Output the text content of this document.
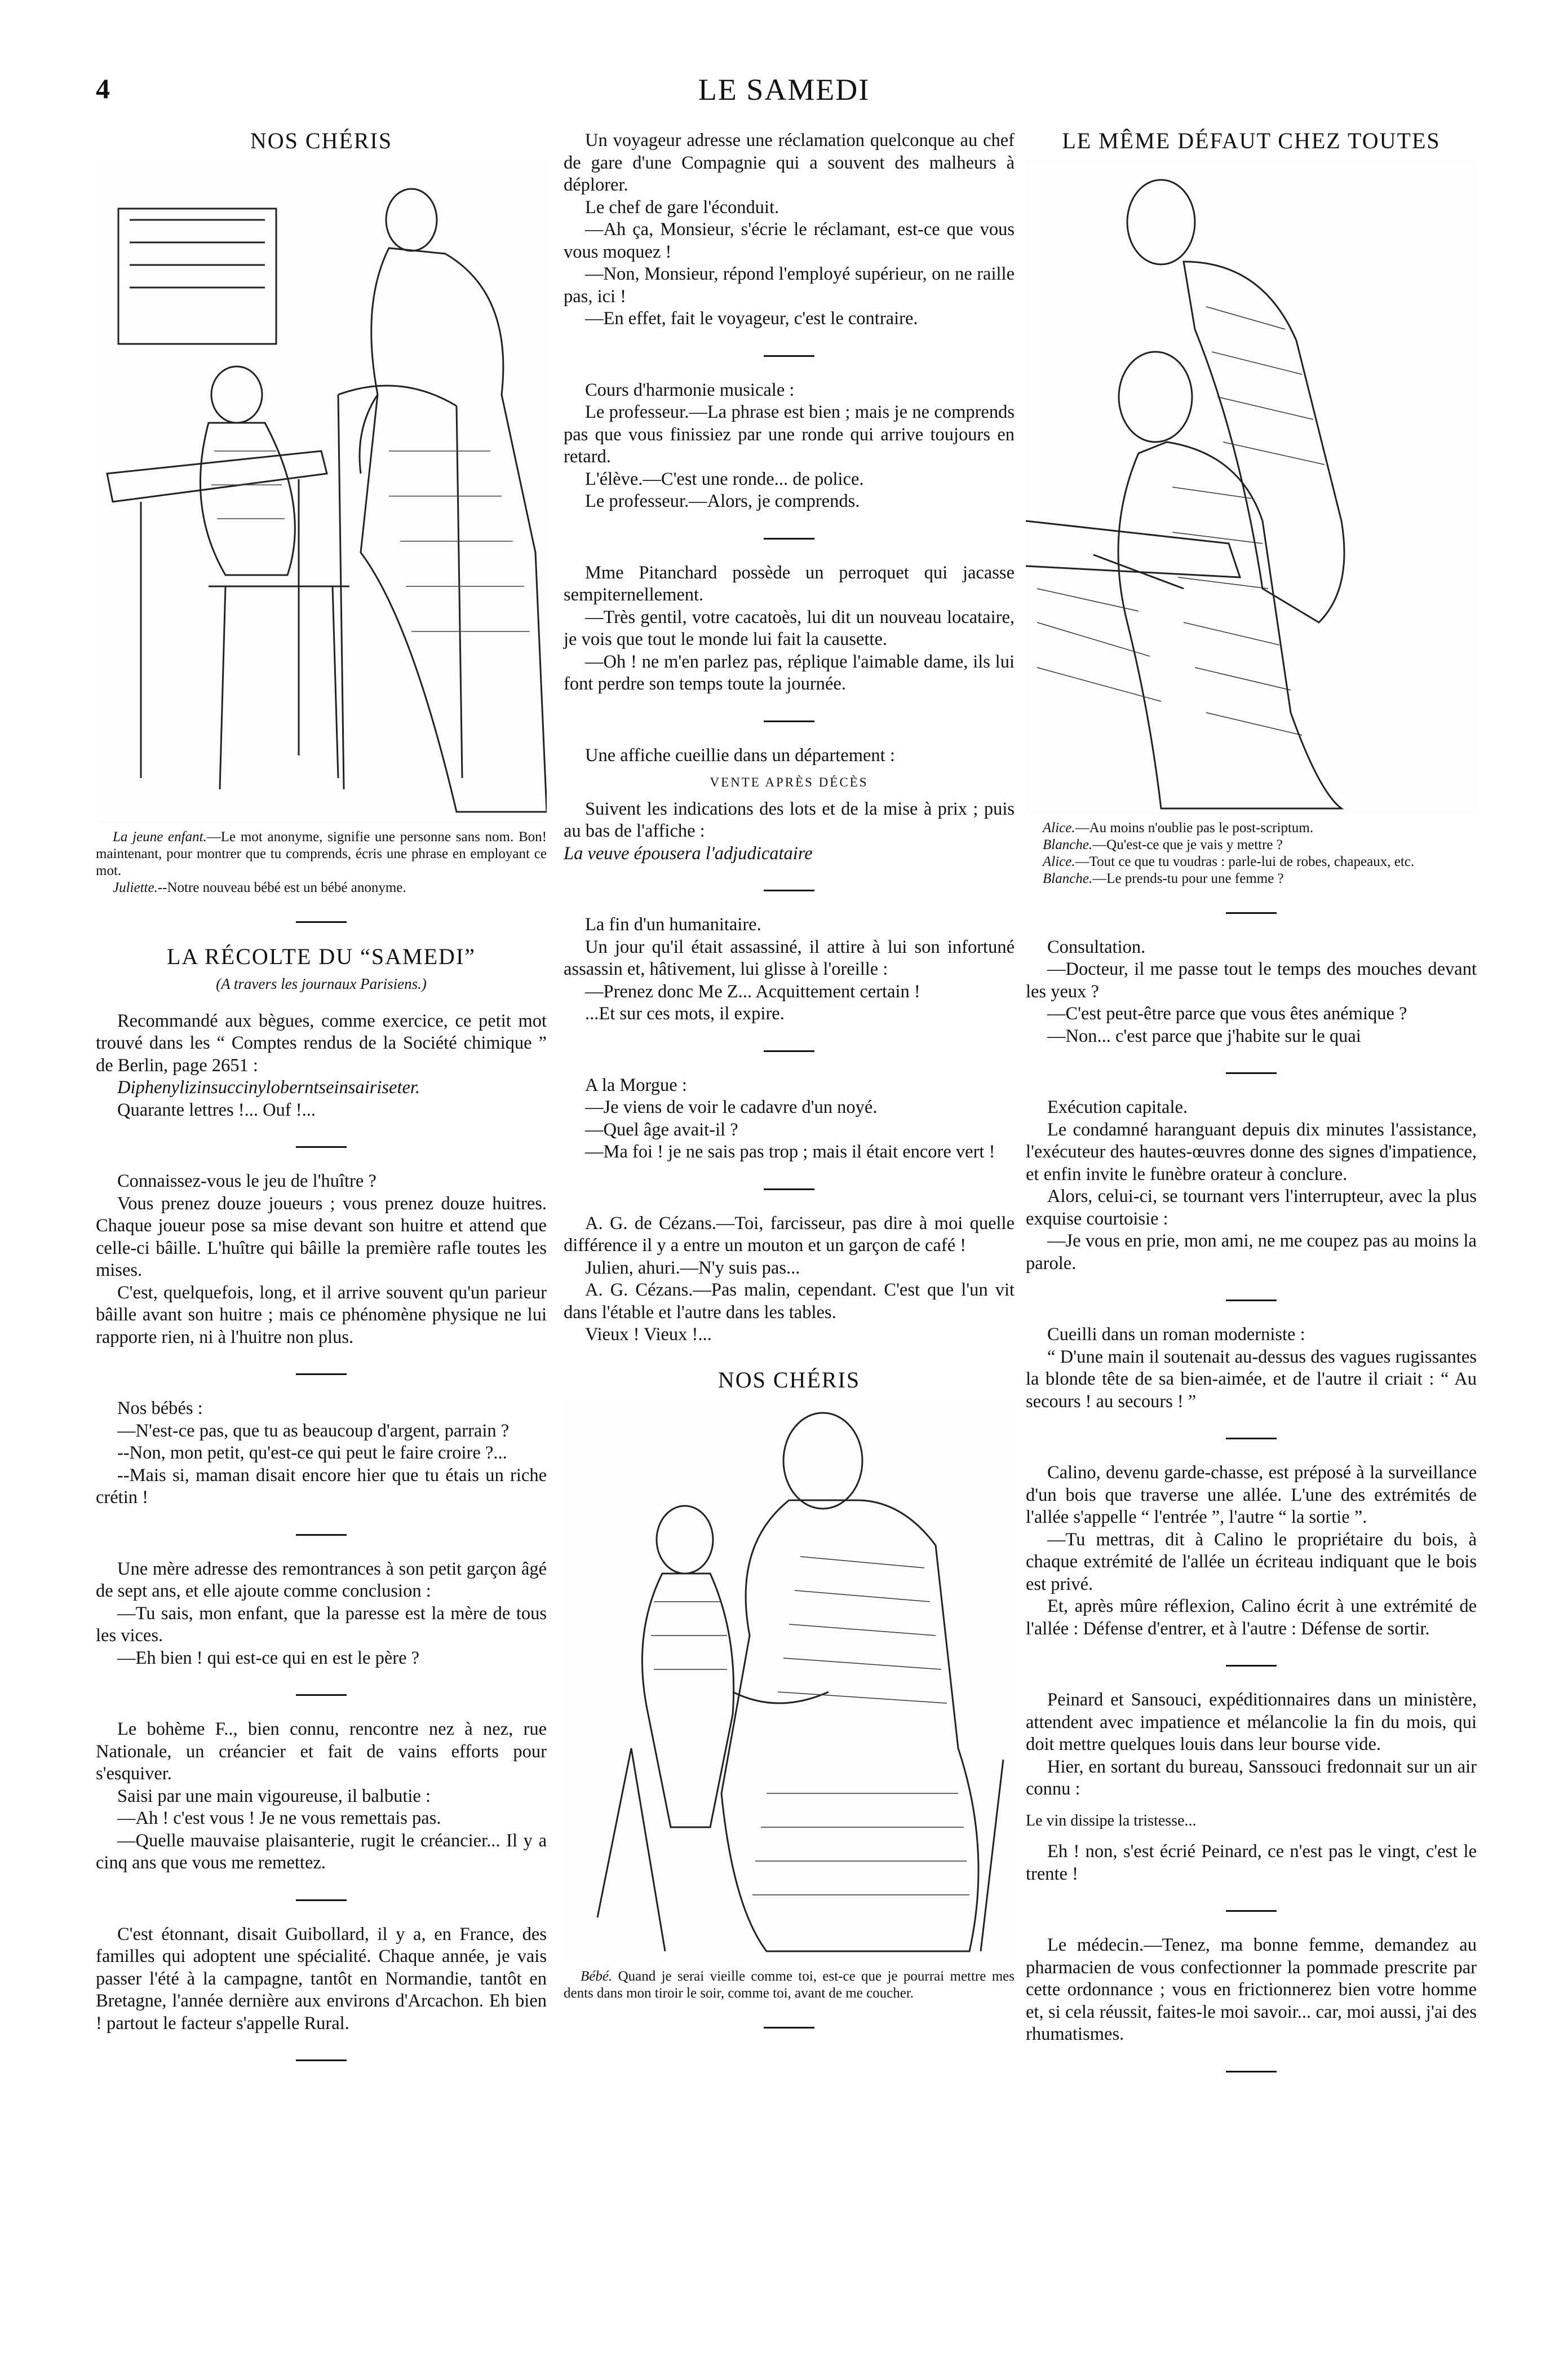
4	LE SAMEDI
NOS CHÉRIS

La jeune enfant.—Le mot anonyme, signifie une personne sans nom. Bon! maintenant, pour montrer que tu comprends, écris une phrase en employant ce mot.

Juliette.--Notre nouveau bébé est un bébé anonyme.

LA RÉCOLTE DU “SAMEDI”
(A travers les journaux Parisiens.)

Recommandé aux bègues, comme exercice, ce petit mot trouvé dans les “ Comptes rendus de la Société chimique ” de Berlin, page 2651 :

Diphenylizinsuccinyloberntseinsairiseter.

Quarante lettres !... Ouf !...

Connaissez-vous le jeu de l'huître ?

Vous prenez douze joueurs ; vous prenez douze huitres. Chaque joueur pose sa mise devant son huitre et attend que celle-ci bâille. L'huître qui bâille la première rafle toutes les mises.

C'est, quelquefois, long, et il arrive souvent qu'un parieur bâille avant son huitre ; mais ce phénomène physique ne lui rapporte rien, ni à l'huitre non plus.

Nos bébés :

—N'est-ce pas, que tu as beaucoup d'argent, parrain ?

--Non, mon petit, qu'est-ce qui peut le faire croire ?...

--Mais si, maman disait encore hier que tu étais un riche crétin !

Une mère adresse des remontrances à son petit garçon âgé de sept ans, et elle ajoute comme conclusion :

—Tu sais, mon enfant, que la paresse est la mère de tous les vices.

—Eh bien ! qui est-ce qui en est le père ?

Le bohème F.., bien connu, rencontre nez à nez, rue Nationale, un créancier et fait de vains efforts pour s'esquiver.

Saisi par une main vigoureuse, il balbutie :

—Ah ! c'est vous ! Je ne vous remettais pas.

—Quelle mauvaise plaisanterie, rugit le créancier... Il y a cinq ans que vous me remettez.

C'est étonnant, disait Guibollard, il y a, en France, des familles qui adoptent une spécialité. Chaque année, je vais passer l'été à la campagne, tantôt en Normandie, tantôt en Bretagne, l'année dernière aux environs d'Arcachon. Eh bien ! partout le facteur s'appelle Rural.

Un voyageur adresse une réclamation quelconque au chef de gare d'une Compagnie qui a souvent des malheurs à déplorer.

Le chef de gare l'éconduit.

—Ah ça, Monsieur, s'écrie le réclamant, est-ce que vous vous moquez !

—Non, Monsieur, répond l'employé supérieur, on ne raille pas, ici !

—En effet, fait le voyageur, c'est le contraire.

Cours d'harmonie musicale :

Le professeur.—La phrase est bien ; mais je ne comprends pas que vous finissiez par une ronde qui arrive toujours en retard.

L'élève.—C'est une ronde... de police.

Le professeur.—Alors, je comprends.

Mme Pitanchard possède un perroquet qui jacasse sempiternellement.

—Très gentil, votre cacatoès, lui dit un nouveau locataire, je vois que tout le monde lui fait la causette.

—Oh ! ne m'en parlez pas, réplique l'aimable dame, ils lui font perdre son temps toute la journée.

Une affiche cueillie dans un département :

VENTE APRÈS DÉCÈS

Suivent les indications des lots et de la mise à prix ; puis au bas de l'affiche :

La veuve épousera l'adjudicataire

La fin d'un humanitaire.

Un jour qu'il était assassiné, il attire à lui son infortuné assassin et, hâtivement, lui glisse à l'oreille :

—Prenez donc Me Z... Acquittement certain !

...Et sur ces mots, il expire.

A la Morgue :

—Je viens de voir le cadavre d'un noyé.

—Quel âge avait-il ?

—Ma foi ! je ne sais pas trop ; mais il était encore vert !

A. G. de Cézans.—Toi, farcisseur, pas dire à moi quelle différence il y a entre un mouton et un garçon de café !

Julien, ahuri.—N'y suis pas...

A. G. Cézans.—Pas malin, cependant. C'est que l'un vit dans l'étable et l'autre dans les tables.

Vieux ! Vieux !...

NOS CHÉRIS

Bébé. Quand je serai vieille comme toi, est-ce que je pourrai mettre mes dents dans mon tiroir le soir, comme toi, avant de me coucher.

LE MÊME DÉFAUT CHEZ TOUTES

Alice.—Au moins n'oublie pas le post-scriptum.

Blanche.—Qu'est-ce que je vais y mettre ?

Alice.—Tout ce que tu voudras : parle-lui de robes, chapeaux, etc.

Blanche.—Le prends-tu pour une femme ?

Consultation.

—Docteur, il me passe tout le temps des mouches devant les yeux ?

—C'est peut-être parce que vous êtes anémique ?

—Non... c'est parce que j'habite sur le quai

Exécution capitale.

Le condamné haranguant depuis dix minutes l'assistance, l'exécuteur des hautes-œuvres donne des signes d'impatience, et enfin invite le funèbre orateur à conclure.

Alors, celui-ci, se tournant vers l'interrupteur, avec la plus exquise courtoisie :

—Je vous en prie, mon ami, ne me coupez pas au moins la parole.

Cueilli dans un roman moderniste :

“ D'une main il soutenait au-dessus des vagues rugissantes la blonde tête de sa bien-aimée, et de l'autre il criait : “ Au secours ! au secours ! ”

Calino, devenu garde-chasse, est préposé à la surveillance d'un bois que traverse une allée. L'une des extrémités de l'allée s'appelle “ l'entrée ”, l'autre “ la sortie ”.

—Tu mettras, dit à Calino le propriétaire du bois, à chaque extrémité de l'allée un écriteau indiquant que le bois est privé.

Et, après mûre réflexion, Calino écrit à une extrémité de l'allée : Défense d'entrer, et à l'autre : Défense de sortir.

Peinard et Sansouci, expéditionnaires dans un ministère, attendent avec impatience et mélancolie la fin du mois, qui doit mettre quelques louis dans leur bourse vide.

Hier, en sortant du bureau, Sanssouci fredonnait sur un air connu :

Le vin dissipe la tristesse...

Eh ! non, s'est écrié Peinard, ce n'est pas le vingt, c'est le trente !

Le médecin.—Tenez, ma bonne femme, demandez au pharmacien de vous confectionner la pommade prescrite par cette ordonnance ; vous en frictionnerez bien votre homme et, si cela réussit, faites-le moi savoir... car, moi aussi, j'ai des rhumatismes.
